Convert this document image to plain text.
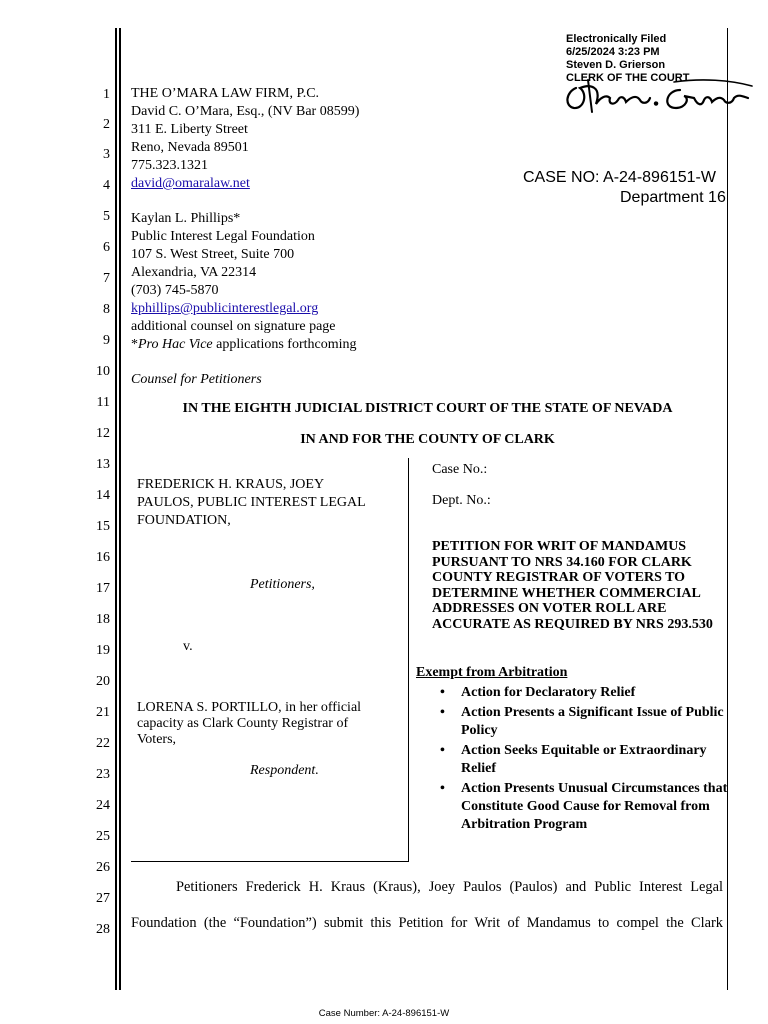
1
2
3
4
5
6
7
8
9
10
11
12
13
14
15
16
17
18
19
20
21
22
23
24
25
26
27
28
Electronically Filed
6/25/2024 3:23 PM
Steven D. Grierson
CLERK OF THE COURT
CASE NO: A-24-896151-W
Department 16
THE O’MARA LAW FIRM, P.C.
David C. O’Mara, Esq., (NV Bar 08599)
311 E. Liberty Street
Reno, Nevada 89501
775.323.1321
david@omaralaw.net
Kaylan L. Phillips*
Public Interest Legal Foundation
107 S. West Street, Suite 700
Alexandria, VA 22314
(703) 745-5870
kphillips@publicinterestlegal.org
additional counsel on signature page
*Pro Hac Vice applications forthcoming
Counsel for Petitioners
IN THE EIGHTH JUDICIAL DISTRICT COURT OF THE STATE OF NEVADA
IN AND FOR THE COUNTY OF CLARK
FREDERICK H. KRAUS, JOEY
PAULOS, PUBLIC INTEREST LEGAL
FOUNDATION,
Petitioners,
v.
LORENA S. PORTILLO, in her official
capacity as Clark County Registrar of
Voters,
Respondent.
Case No.:
Dept. No.:
PETITION FOR WRIT OF MANDAMUS PURSUANT TO NRS 34.160 FOR CLARK COUNTY REGISTRAR OF VOTERS TO DETERMINE WHETHER COMMERCIAL ADDRESSES ON VOTER ROLL ARE ACCURATE AS REQUIRED BY NRS 293.530
Exempt from Arbitration
• Action for Declaratory Relief
• Action Presents a Significant Issue of Public Policy
• Action Seeks Equitable or Extraordinary Relief
• Action Presents Unusual Circumstances that Constitute Good Cause for Removal from Arbitration Program
Petitioners Frederick H. Kraus (Kraus), Joey Paulos (Paulos) and Public Interest Legal
Foundation (the “Foundation”) submit this Petition for Writ of Mandamus to compel the Clark
Case Number: A-24-896151-W
